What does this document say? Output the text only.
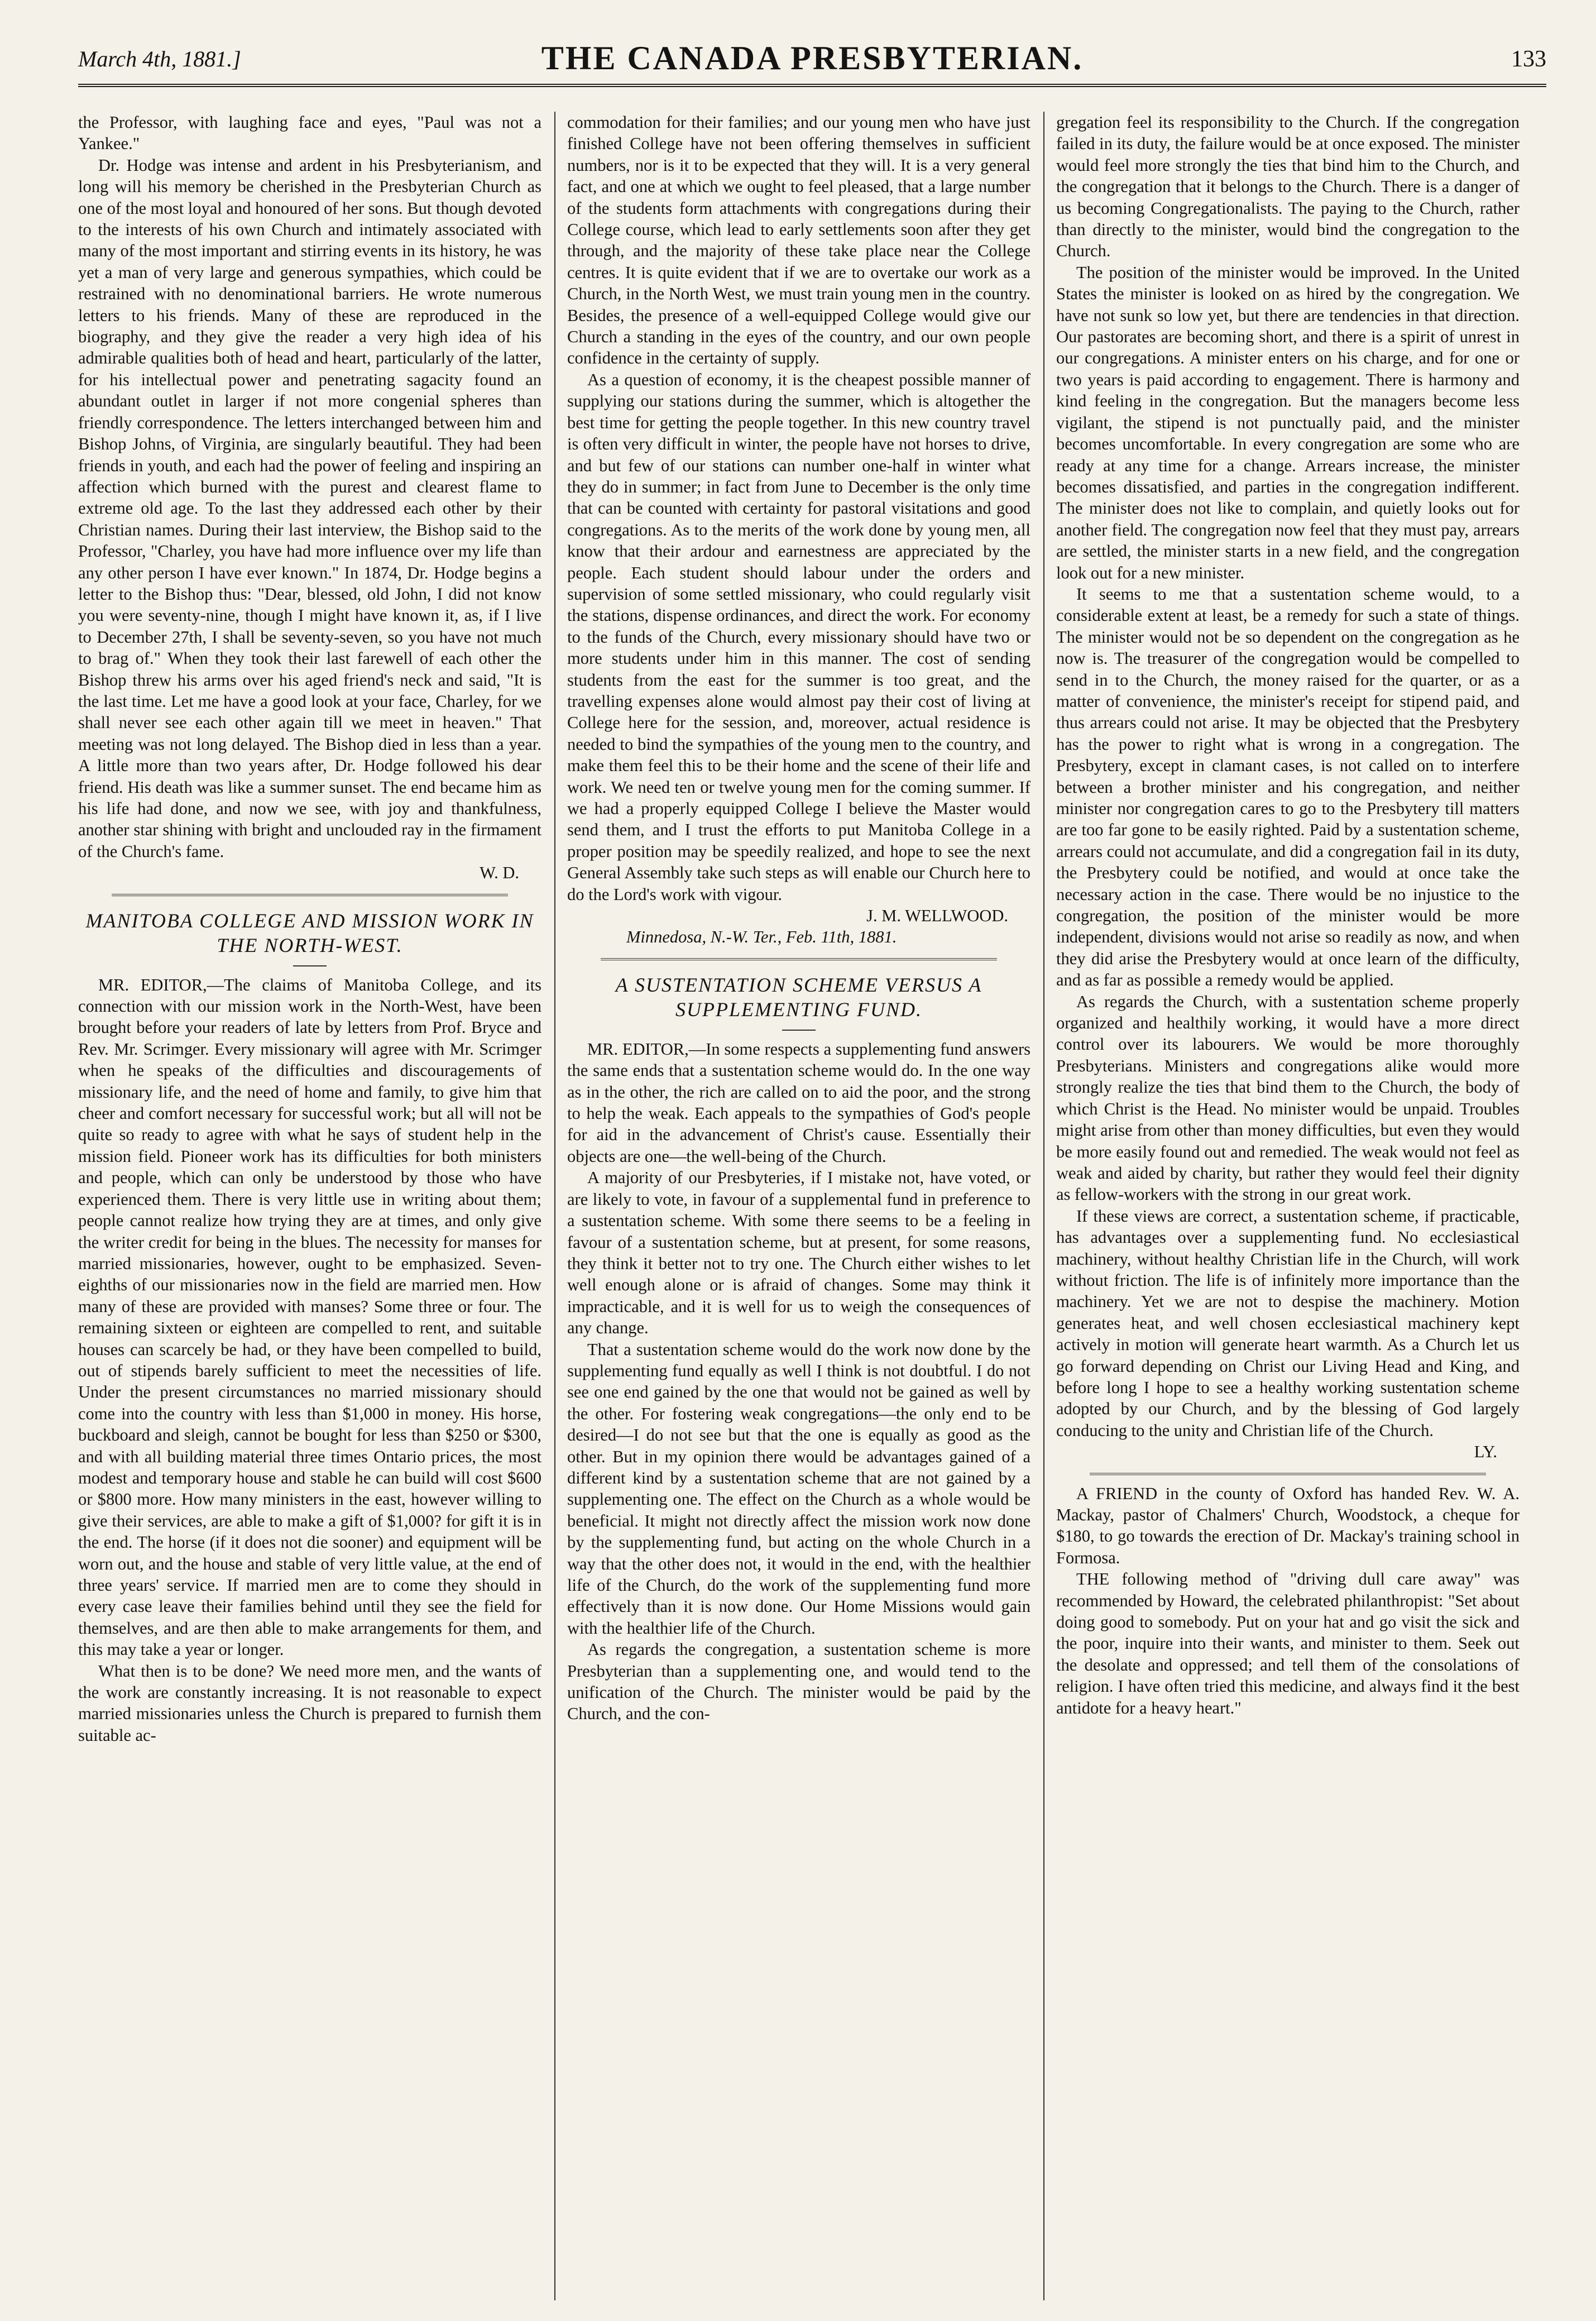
March 4th, 1881.]	THE CANADA PRESBYTERIAN.	133

the Professor, with laughing face and eyes, "Paul was not a Yankee."

Dr. Hodge was intense and ardent in his Presbyterianism, and long will his memory be cherished in the Presbyterian Church as one of the most loyal and honoured of her sons. But though devoted to the interests of his own Church and intimately associated with many of the most important and stirring events in its history, he was yet a man of very large and generous sympathies, which could be restrained with no denominational barriers. He wrote numerous letters to his friends. Many of these are reproduced in the biography, and they give the reader a very high idea of his admirable qualities both of head and heart, particularly of the latter, for his intellectual power and penetrating sagacity found an abundant outlet in larger if not more congenial spheres than friendly correspondence. The letters interchanged between him and Bishop Johns, of Virginia, are singularly beautiful. They had been friends in youth, and each had the power of feeling and inspiring an affection which burned with the purest and clearest flame to extreme old age. To the last they addressed each other by their Christian names. During their last interview, the Bishop said to the Professor, "Charley, you have had more influence over my life than any other person I have ever known." In 1874, Dr. Hodge begins a letter to the Bishop thus: "Dear, blessed, old John, I did not know you were seventy-nine, though I might have known it, as, if I live to December 27th, I shall be seventy-seven, so you have not much to brag of." When they took their last farewell of each other the Bishop threw his arms over his aged friend's neck and said, "It is the last time. Let me have a good look at your face, Charley, for we shall never see each other again till we meet in heaven." That meeting was not long delayed. The Bishop died in less than a year. A little more than two years after, Dr. Hodge followed his dear friend. His death was like a summer sunset. The end became him as his life had done, and now we see, with joy and thankfulness, another star shining with bright and unclouded ray in the firmament of the Church's fame.

W. D.

MANITOBA COLLEGE AND MISSION WORK IN THE NORTH-WEST.

MR. EDITOR,—The claims of Manitoba College, and its connection with our mission work in the North-West, have been brought before your readers of late by letters from Prof. Bryce and Rev. Mr. Scrimger. Every missionary will agree with Mr. Scrimger when he speaks of the difficulties and discouragements of missionary life, and the need of home and family, to give him that cheer and comfort necessary for successful work; but all will not be quite so ready to agree with what he says of student help in the mission field. Pioneer work has its difficulties for both ministers and people, which can only be understood by those who have experienced them. There is very little use in writing about them; people cannot realize how trying they are at times, and only give the writer credit for being in the blues. The necessity for manses for married missionaries, however, ought to be emphasized. Seven-eighths of our missionaries now in the field are married men. How many of these are provided with manses? Some three or four. The remaining sixteen or eighteen are compelled to rent, and suitable houses can scarcely be had, or they have been compelled to build, out of stipends barely sufficient to meet the necessities of life. Under the present circumstances no married missionary should come into the country with less than $1,000 in money. His horse, buckboard and sleigh, cannot be bought for less than $250 or $300, and with all building material three times Ontario prices, the most modest and temporary house and stable he can build will cost $600 or $800 more. How many ministers in the east, however willing to give their services, are able to make a gift of $1,000? for gift it is in the end. The horse (if it does not die sooner) and equipment will be worn out, and the house and stable of very little value, at the end of three years' service. If married men are to come they should in every case leave their families behind until they see the field for themselves, and are then able to make arrangements for them, and this may take a year or longer.

What then is to be done? We need more men, and the wants of the work are constantly increasing. It is not reasonable to expect married missionaries unless the Church is prepared to furnish them suitable ac-

commodation for their families; and our young men who have just finished College have not been offering themselves in sufficient numbers, nor is it to be expected that they will. It is a very general fact, and one at which we ought to feel pleased, that a large number of the students form attachments with congregations during their College course, which lead to early settlements soon after they get through, and the majority of these take place near the College centres. It is quite evident that if we are to overtake our work as a Church, in the North West, we must train young men in the country. Besides, the presence of a well-equipped College would give our Church a standing in the eyes of the country, and our own people confidence in the certainty of supply.

As a question of economy, it is the cheapest possible manner of supplying our stations during the summer, which is altogether the best time for getting the people together. In this new country travel is often very difficult in winter, the people have not horses to drive, and but few of our stations can number one-half in winter what they do in summer; in fact from June to December is the only time that can be counted with certainty for pastoral visitations and good congregations. As to the merits of the work done by young men, all know that their ardour and earnestness are appreciated by the people. Each student should labour under the orders and supervision of some settled missionary, who could regularly visit the stations, dispense ordinances, and direct the work. For economy to the funds of the Church, every missionary should have two or more students under him in this manner. The cost of sending students from the east for the summer is too great, and the travelling expenses alone would almost pay their cost of living at College here for the session, and, moreover, actual residence is needed to bind the sympathies of the young men to the country, and make them feel this to be their home and the scene of their life and work. We need ten or twelve young men for the coming summer. If we had a properly equipped College I believe the Master would send them, and I trust the efforts to put Manitoba College in a proper position may be speedily realized, and hope to see the next General Assembly take such steps as will enable our Church here to do the Lord's work with vigour.

J. M. WELLWOOD.

Minnedosa, N.-W. Ter., Feb. 11th, 1881.

A SUSTENTATION SCHEME VERSUS A SUPPLEMENTING FUND.

MR. EDITOR,—In some respects a supplementing fund answers the same ends that a sustentation scheme would do. In the one way as in the other, the rich are called on to aid the poor, and the strong to help the weak. Each appeals to the sympathies of God's people for aid in the advancement of Christ's cause. Essentially their objects are one—the well-being of the Church.

A majority of our Presbyteries, if I mistake not, have voted, or are likely to vote, in favour of a supplemental fund in preference to a sustentation scheme. With some there seems to be a feeling in favour of a sustentation scheme, but at present, for some reasons, they think it better not to try one. The Church either wishes to let well enough alone or is afraid of changes. Some may think it impracticable, and it is well for us to weigh the consequences of any change.

That a sustentation scheme would do the work now done by the supplementing fund equally as well I think is not doubtful. I do not see one end gained by the one that would not be gained as well by the other. For fostering weak congregations—the only end to be desired—I do not see but that the one is equally as good as the other. But in my opinion there would be advantages gained of a different kind by a sustentation scheme that are not gained by a supplementing one. The effect on the Church as a whole would be beneficial. It might not directly affect the mission work now done by the supplementing fund, but acting on the whole Church in a way that the other does not, it would in the end, with the healthier life of the Church, do the work of the supplementing fund more effectively than it is now done. Our Home Missions would gain with the healthier life of the Church.

As regards the congregation, a sustentation scheme is more Presbyterian than a supplementing one, and would tend to the unification of the Church. The minister would be paid by the Church, and the con-

gregation feel its responsibility to the Church. If the congregation failed in its duty, the failure would be at once exposed. The minister would feel more strongly the ties that bind him to the Church, and the congregation that it belongs to the Church. There is a danger of us becoming Congregationalists. The paying to the Church, rather than directly to the minister, would bind the congregation to the Church.

The position of the minister would be improved. In the United States the minister is looked on as hired by the congregation. We have not sunk so low yet, but there are tendencies in that direction. Our pastorates are becoming short, and there is a spirit of unrest in our congregations. A minister enters on his charge, and for one or two years is paid according to engagement. There is harmony and kind feeling in the congregation. But the managers become less vigilant, the stipend is not punctually paid, and the minister becomes uncomfortable. In every congregation are some who are ready at any time for a change. Arrears increase, the minister becomes dissatisfied, and parties in the congregation indifferent. The minister does not like to complain, and quietly looks out for another field. The congregation now feel that they must pay, arrears are settled, the minister starts in a new field, and the congregation look out for a new minister.

It seems to me that a sustentation scheme would, to a considerable extent at least, be a remedy for such a state of things. The minister would not be so dependent on the congregation as he now is. The treasurer of the congregation would be compelled to send in to the Church, the money raised for the quarter, or as a matter of convenience, the minister's receipt for stipend paid, and thus arrears could not arise. It may be objected that the Presbytery has the power to right what is wrong in a congregation. The Presbytery, except in clamant cases, is not called on to interfere between a brother minister and his congregation, and neither minister nor congregation cares to go to the Presbytery till matters are too far gone to be easily righted. Paid by a sustentation scheme, arrears could not accumulate, and did a congregation fail in its duty, the Presbytery could be notified, and would at once take the necessary action in the case. There would be no injustice to the congregation, the position of the minister would be more independent, divisions would not arise so readily as now, and when they did arise the Presbytery would at once learn of the difficulty, and as far as possible a remedy would be applied.

As regards the Church, with a sustentation scheme properly organized and healthily working, it would have a more direct control over its labourers. We would be more thoroughly Presbyterians. Ministers and congregations alike would more strongly realize the ties that bind them to the Church, the body of which Christ is the Head. No minister would be unpaid. Troubles might arise from other than money difficulties, but even they would be more easily found out and remedied. The weak would not feel as weak and aided by charity, but rather they would feel their dignity as fellow-workers with the strong in our great work.

If these views are correct, a sustentation scheme, if practicable, has advantages over a supplementing fund. No ecclesiastical machinery, without healthy Christian life in the Church, will work without friction. The life is of infinitely more importance than the machinery. Yet we are not to despise the machinery. Motion generates heat, and well chosen ecclesiastical machinery kept actively in motion will generate heart warmth. As a Church let us go forward depending on Christ our Living Head and King, and before long I hope to see a healthy working sustentation scheme adopted by our Church, and by the blessing of God largely conducing to the unity and Christian life of the Church.

LY.

A FRIEND in the county of Oxford has handed Rev. W. A. Mackay, pastor of Chalmers' Church, Woodstock, a cheque for $180, to go towards the erection of Dr. Mackay's training school in Formosa.

THE following method of "driving dull care away" was recommended by Howard, the celebrated philanthropist: "Set about doing good to somebody. Put on your hat and go visit the sick and the poor, inquire into their wants, and minister to them. Seek out the desolate and oppressed; and tell them of the consolations of religion. I have often tried this medicine, and always find it the best antidote for a heavy heart."
